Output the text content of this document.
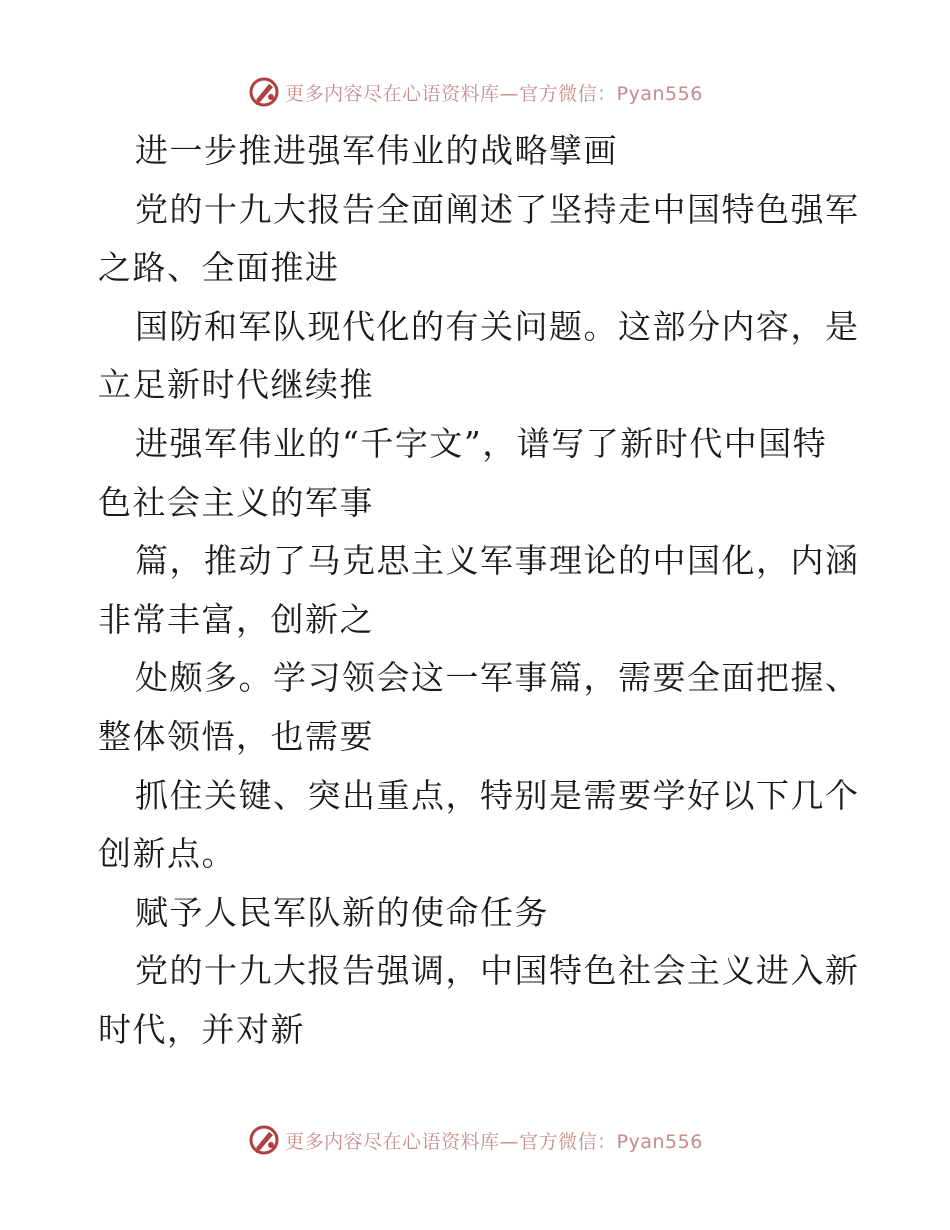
更多内容尽在心语资料库—官方微信：Pyan556
进一步推进强军伟业的战略擘画
党的十九大报告全面阐述了坚持走中国特色强军
之路、全面推进
国防和军队现代化的有关问题。这部分内容，是
立足新时代继续推
进强军伟业的“千字文”，谱写了新时代中国特
色社会主义的军事
篇，推动了马克思主义军事理论的中国化，内涵
非常丰富，创新之
处颇多。学习领会这一军事篇，需要全面把握、
整体领悟，也需要
抓住关键、突出重点，特别是需要学好以下几个
创新点。
赋予人民军队新的使命任务
党的十九大报告强调，中国特色社会主义进入新
时代，并对新
更多内容尽在心语资料库—官方微信：Pyan556
